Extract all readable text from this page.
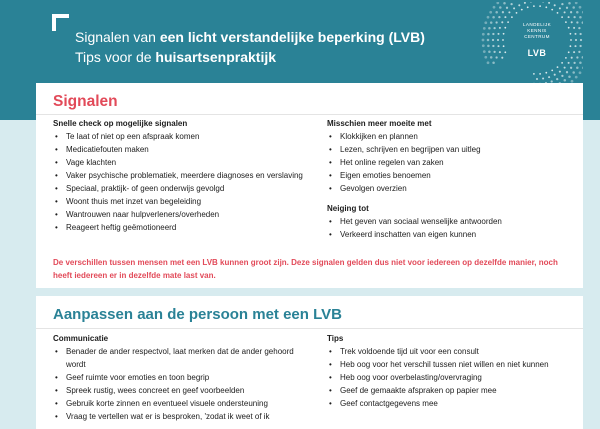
Signalen van een licht verstandelijke beperking (LVB)
Tips voor de huisartsenpraktijk
LANDELIJK
KENNIS
CENTRUM
LVB
Signalen
Snelle check op mogelijke signalen
• Te laat of niet op een afspraak komen
• Medicatiefouten maken
• Vage klachten
• Vaker psychische problematiek, meerdere diagnoses en verslaving
• Speciaal, praktijk- of geen onderwijs gevolgd
• Woont thuis met inzet van begeleiding
• Wantrouwen naar hulpverleners/overheden
• Reageert heftig geëmotioneerd
Misschien meer moeite met
• Klokkijken en plannen
• Lezen, schrijven en begrijpen van uitleg
• Het online regelen van zaken
• Eigen emoties benoemen
• Gevolgen overzien
Neiging tot
• Het geven van sociaal wenselijke antwoorden
• Verkeerd inschatten van eigen kunnen
De verschillen tussen mensen met een LVB kunnen groot zijn. Deze signalen gelden dus niet voor iedereen op dezelfde manier, noch heeft iedereen er in dezelfde mate last van.
Aanpassen aan de persoon met een LVB
Communicatie
• Benader de ander respectvol, laat merken dat de ander gehoord wordt
• Geef ruimte voor emoties en toon begrip
• Spreek rustig, wees concreet en geef voorbeelden
• Gebruik korte zinnen en eventueel visuele ondersteuning
• Vraag te vertellen wat er is besproken, 'zodat ik weet of ik
Tips
• Trek voldoende tijd uit voor een consult
• Heb oog voor het verschil tussen niet willen en niet kunnen
• Heb oog voor overbelasting/overvraging
• Geef de gemaakte afspraken op papier mee
• Geef contactgegevens mee
